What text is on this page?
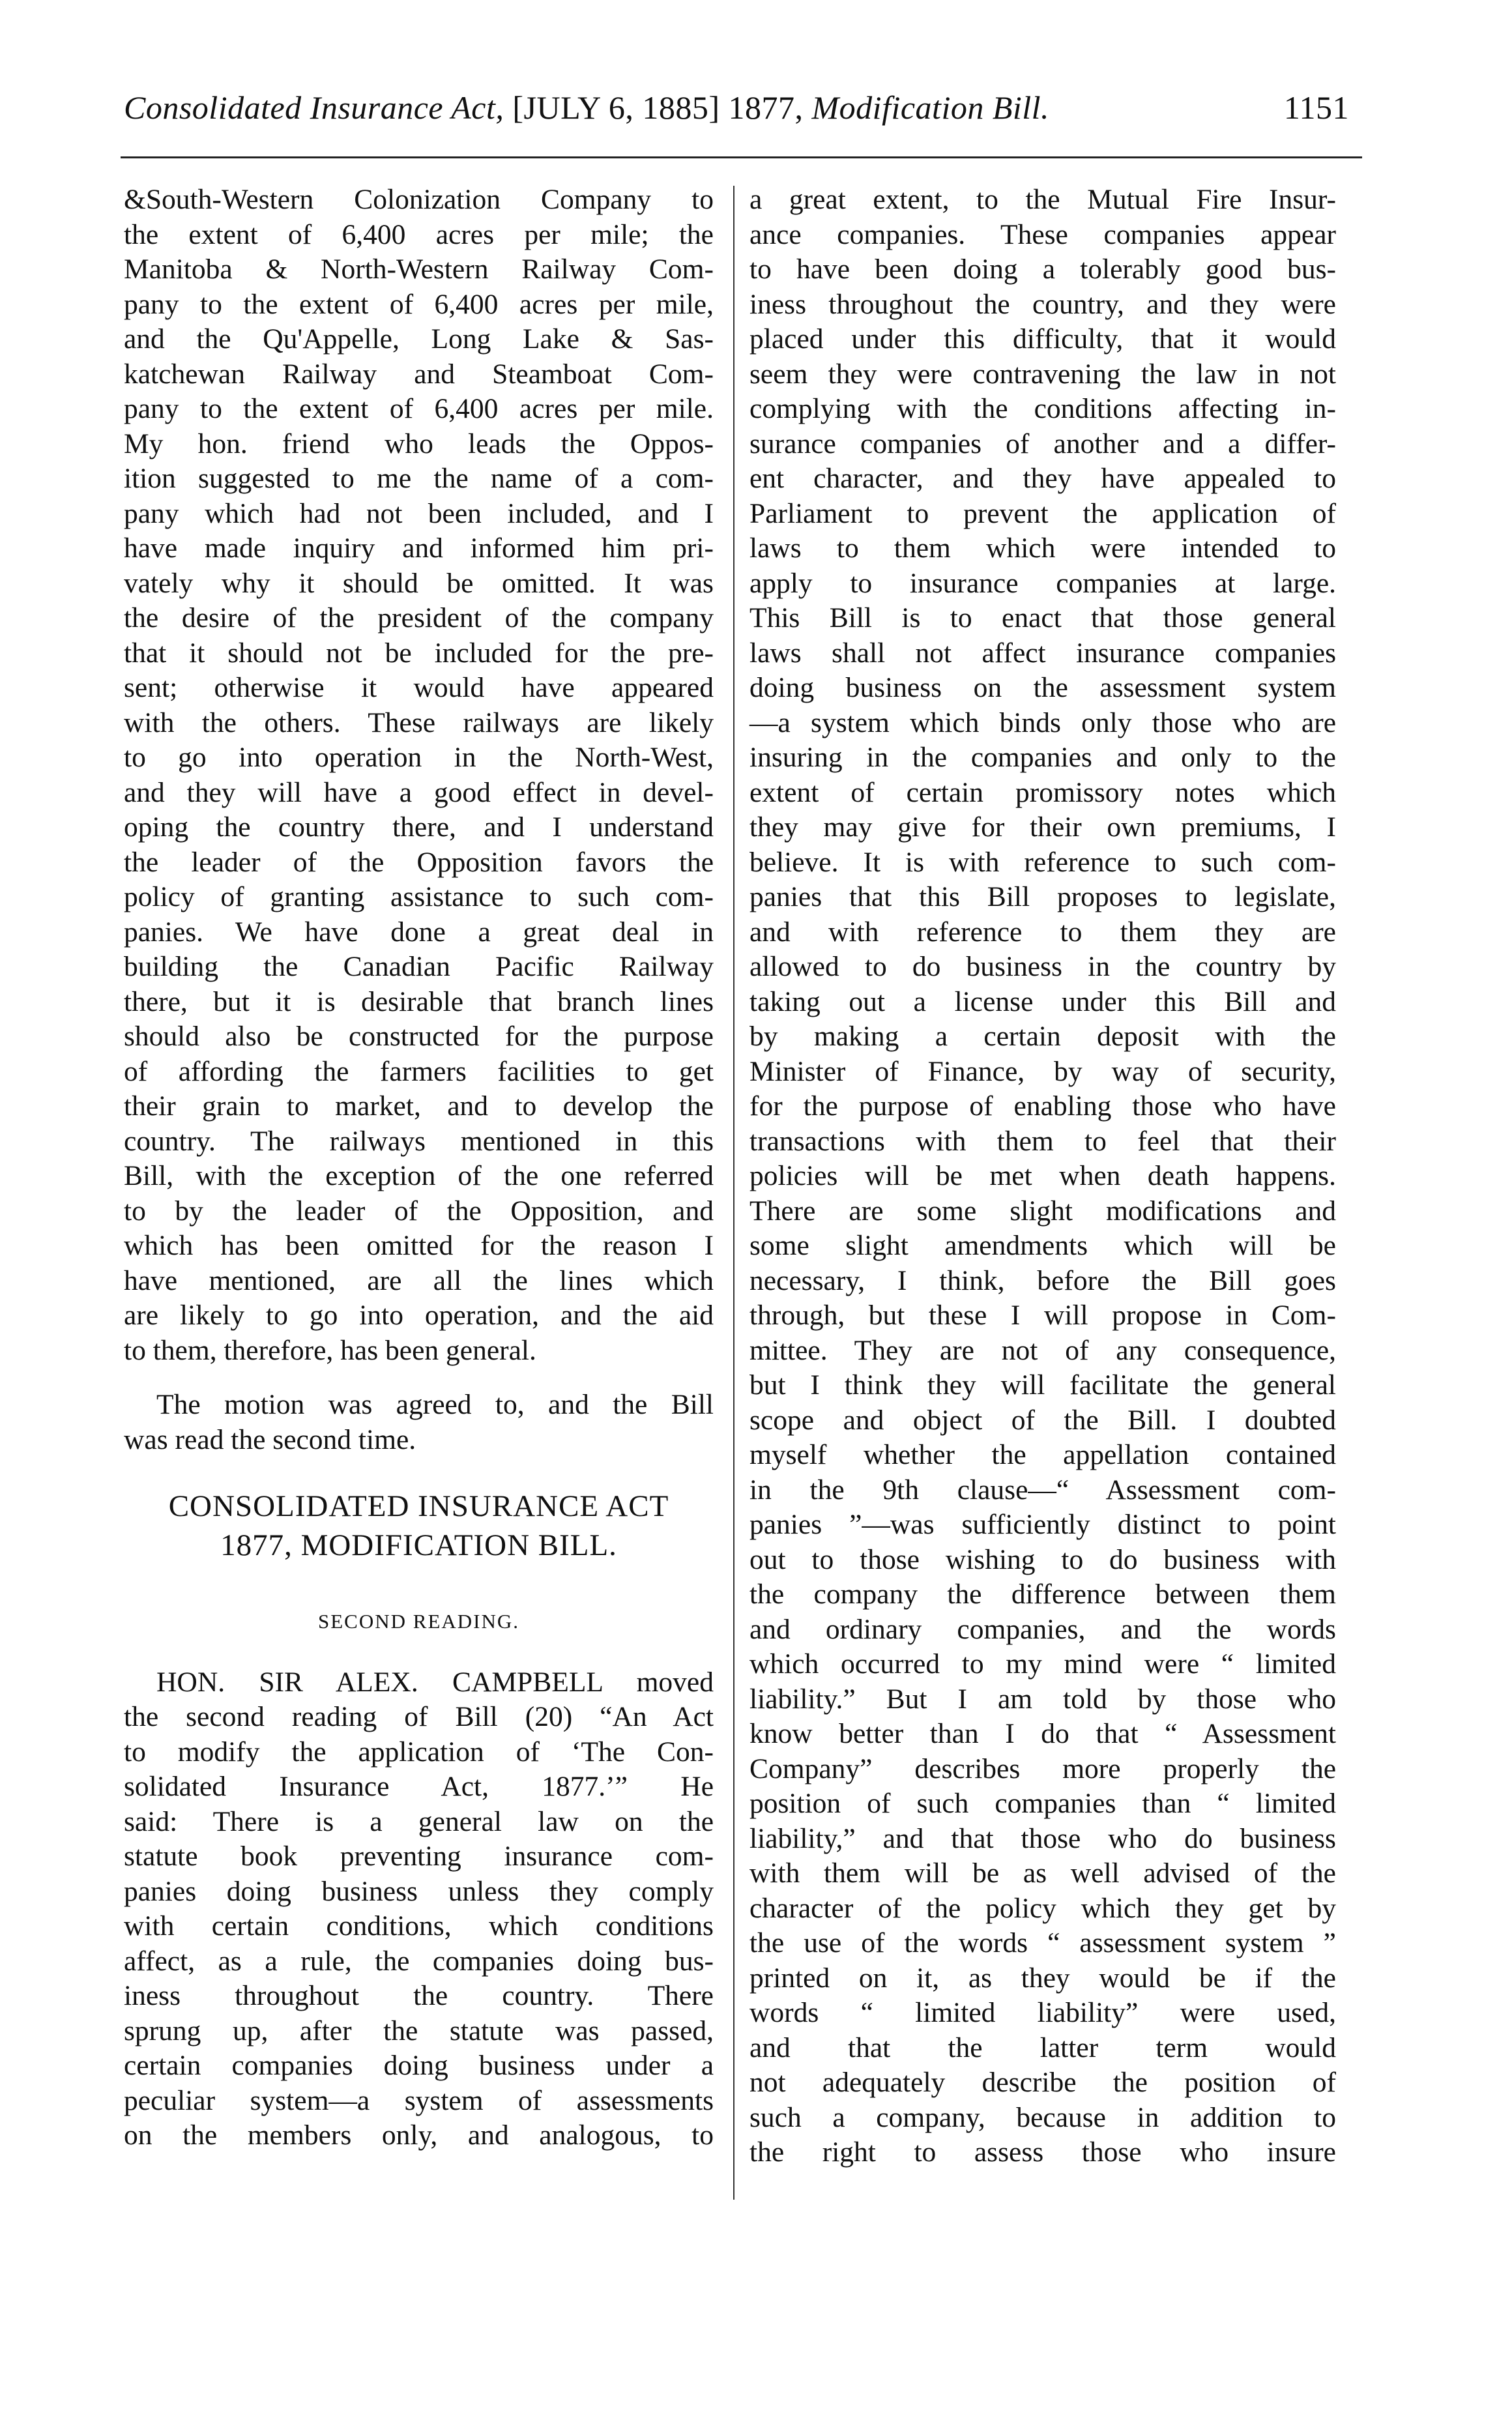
Consolidated Insurance Act, [JULY 6, 1885] 1877, Modification Bill.	1151
&South-Western Colonization Company to
the extent of 6,400 acres per mile; the
Manitoba & North-Western Railway Com-
pany to the extent of 6,400 acres per mile,
and the Qu'Appelle, Long Lake & Sas-
katchewan Railway and Steamboat Com-
pany to the extent of 6,400 acres per mile.
My hon. friend who leads the Oppos-
ition suggested to me the name of a com-
pany which had not been included, and I
have made inquiry and informed him pri-
vately why it should be omitted. It was
the desire of the president of the company
that it should not be included for the pre-
sent; otherwise it would have appeared
with the others. These railways are likely
to go into operation in the North-West,
and they will have a good effect in devel-
oping the country there, and I understand
the leader of the Opposition favors the
policy of granting assistance to such com-
panies. We have done a great deal in
building the Canadian Pacific Railway
there, but it is desirable that branch lines
should also be constructed for the purpose
of affording the farmers facilities to get
their grain to market, and to develop the
country. The railways mentioned in this
Bill, with the exception of the one referred
to by the leader of the Opposition, and
which has been omitted for the reason I
have mentioned, are all the lines which
are likely to go into operation, and the aid
to them, therefore, has been general.
The motion was agreed to, and the Bill
was read the second time.
CONSOLIDATED INSURANCE ACT
1877, MODIFICATION BILL.
SECOND READING.
HON. SIR ALEX. CAMPBELL moved
the second reading of Bill (20) “An Act
to modify the application of ‘The Con-
solidated Insurance Act, 1877.’” He
said: There is a general law on the
statute book preventing insurance com-
panies doing business unless they comply
with certain conditions, which conditions
affect, as a rule, the companies doing bus-
iness throughout the country. There
sprung up, after the statute was passed,
certain companies doing business under a
peculiar system—a system of assessments
on the members only, and analogous, to
a great extent, to the Mutual Fire Insur-
ance companies. These companies appear
to have been doing a tolerably good bus-
iness throughout the country, and they were
placed under this difficulty, that it would
seem they were contravening the law in not
complying with the conditions affecting in-
surance companies of another and a differ-
ent character, and they have appealed to
Parliament to prevent the application of
laws to them which were intended to
apply to insurance companies at large.
This Bill is to enact that those general
laws shall not affect insurance companies
doing business on the assessment system
—a system which binds only those who are
insuring in the companies and only to the
extent of certain promissory notes which
they may give for their own premiums, I
believe. It is with reference to such com-
panies that this Bill proposes to legislate,
and with reference to them they are
allowed to do business in the country by
taking out a license under this Bill and
by making a certain deposit with the
Minister of Finance, by way of security,
for the purpose of enabling those who have
transactions with them to feel that their
policies will be met when death happens.
There are some slight modifications and
some slight amendments which will be
necessary, I think, before the Bill goes
through, but these I will propose in Com-
mittee. They are not of any consequence,
but I think they will facilitate the general
scope and object of the Bill. I doubted
myself whether the appellation contained
in the 9th clause—“ Assessment com-
panies ”—was sufficiently distinct to point
out to those wishing to do business with
the company the difference between them
and ordinary companies, and the words
which occurred to my mind were “ limited
liability.” But I am told by those who
know better than I do that “ Assessment
Company” describes more properly the
position of such companies than “ limited
liability,” and that those who do business
with them will be as well advised of the
character of the policy which they get by
the use of the words “ assessment system ”
printed on it, as they would be if the
words “ limited liability” were used,
and that the latter term would
not adequately describe the position of
such a company, because in addition to
the right to assess those who insure
